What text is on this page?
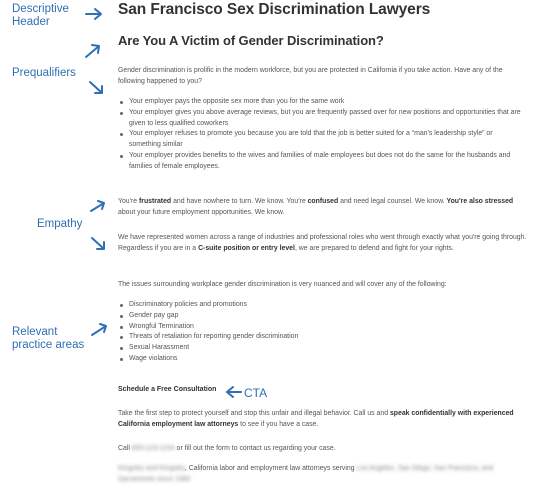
Descriptive Header
Prequalifiers
Empathy
Relevant practice areas
CTA
San Francisco Sex Discrimination Lawyers
Are You A Victim of Gender Discrimination?

Gender discrimination is prolific in the modern workforce, but you are protected in California if you take action. Have any of the following happened to you?

Your employer pays the opposite sex more than you for the same work
Your employer gives you above average reviews, but you are frequently passed over for new positions and opportunities that are given to less qualified coworkers
Your employer refuses to promote you because you are told that the job is better suited for a “man’s leadership style” or something similar
Your employer provides benefits to the wives and families of male employees but does not do the same for the husbands and families of female employees.

You're frustrated and have nowhere to turn. We know. You're confused and need legal counsel. We know. You're also stressed about your future employment opportunities. We know.

We have represented women across a range of industries and professional roles who went through exactly what you're going through. Regardless if you are in a C-suite position or entry level, we are prepared to defend and fight for your rights.

The issues surrounding workplace gender discrimination is very nuanced and will cover any of the following:

Discriminatory policies and promotions
Gender pay gap
Wrongful Termination
Threats of retaliation for reporting gender discrimination
Sexual Harassment
Wage violations
Schedule a Free Consultation

Take the first step to protect yourself and stop this unfair and illegal behavior. Call us and speak confidentially with experienced California employment law attorneys to see if you have a case.

Call 800-123-1234 or fill out the form to contact us regarding your case.

Kingsley and Kingsley, California labor and employment law attorneys serving Los Angeles, San Diego, San Francisco, and Sacramento since 1980
